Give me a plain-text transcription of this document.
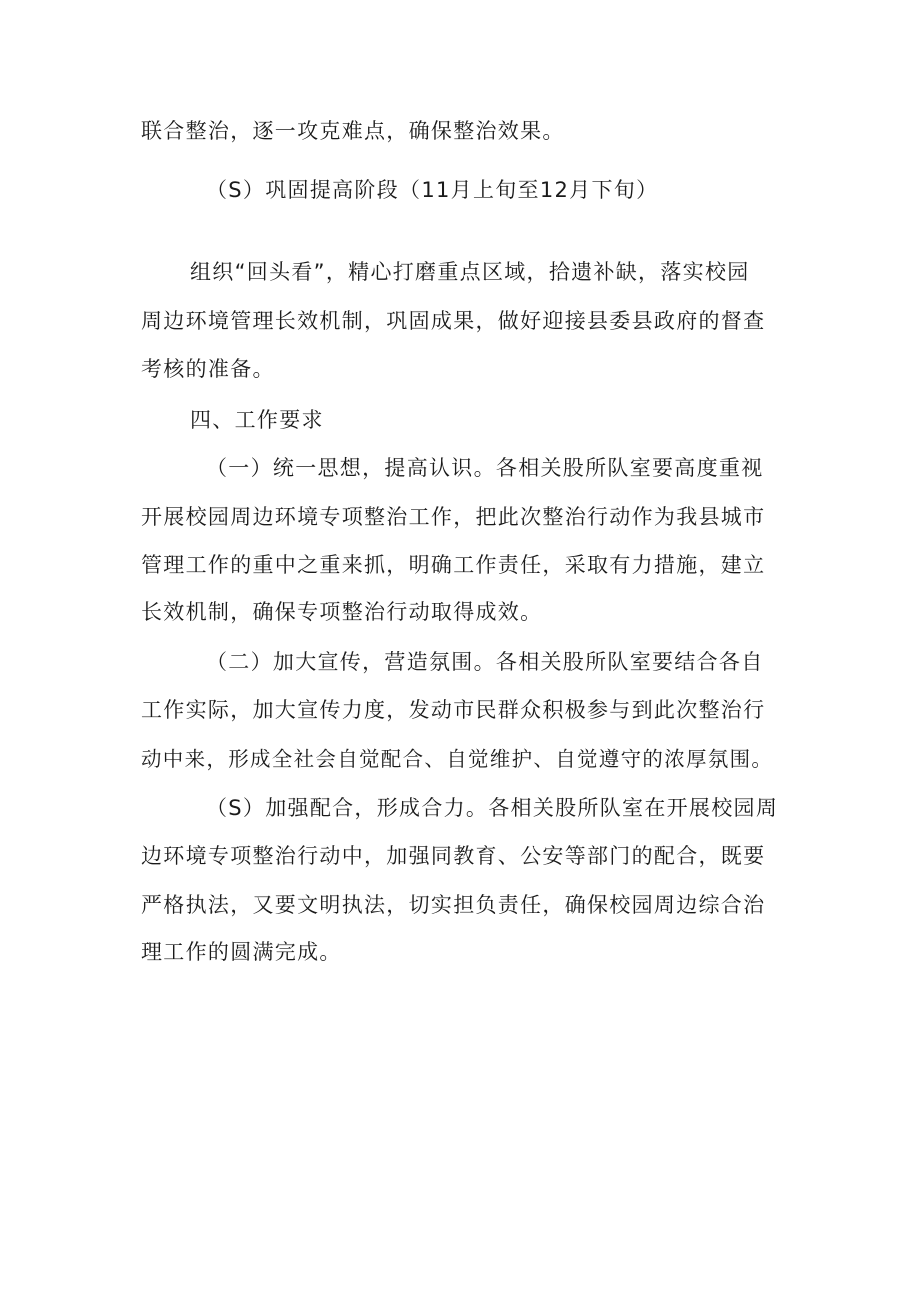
联合整治，逐一攻克难点，确保整治效果。
（S）巩固提高阶段（11月上旬至12月下旬）
组织“回头看”，精心打磨重点区域，拾遗补缺，落实校园
周边环境管理长效机制，巩固成果，做好迎接县委县政府的督查
考核的准备。
四、工作要求
（一）统一思想，提高认识。各相关股所队室要高度重视
开展校园周边环境专项整治工作，把此次整治行动作为我县城市
管理工作的重中之重来抓，明确工作责任，采取有力措施，建立
长效机制，确保专项整治行动取得成效。
（二）加大宣传，营造氛围。各相关股所队室要结合各自
工作实际，加大宣传力度，发动市民群众积极参与到此次整治行
动中来，形成全社会自觉配合、自觉维护、自觉遵守的浓厚氛围。
（S）加强配合，形成合力。各相关股所队室在开展校园周
边环境专项整治行动中，加强同教育、公安等部门的配合，既要
严格执法，又要文明执法，切实担负责任，确保校园周边综合治
理工作的圆满完成。
